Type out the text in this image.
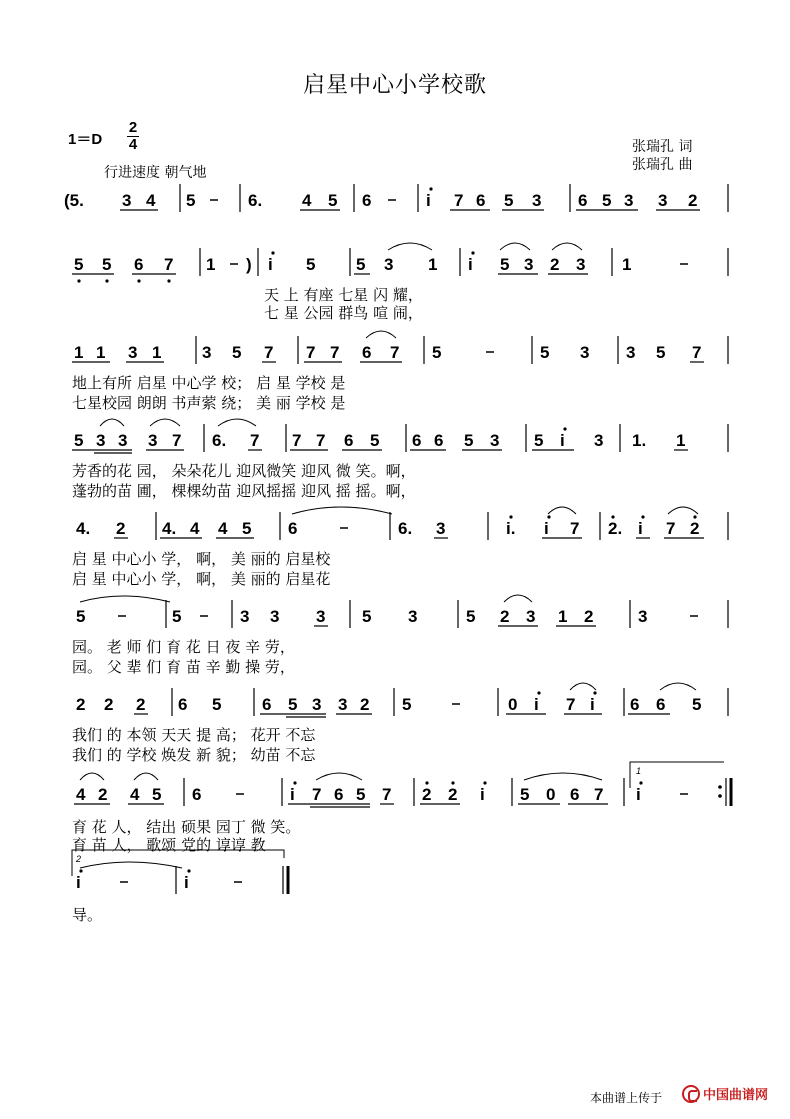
启星中心小学校歌
1＝D
2
4
行进速度 朝气地
张瑞孔 词
张瑞孔 曲
(5. 3 4 5	6. 4 5 6	i 7 6 5 3 6 5 3 3 2
5 5 6 7 1 ) i 5 5 3 1 i 5 3 2 3 1
1 1 3 1 3 5 7 7 7 6 7 5	5 3 3 5 7
5 3 3 3 7 6. 7 7 7 6 5 6 6 5 3 5 i 3 1. 1
4. 2 4. 4 4 5 6	6. 3	i. i 7 2. i 7 2
5	5	3 3 3 5 3	5 2 3 1 2	3
2 2 2 6 5 6 5 3 3 2 5	0 i 7 i 6 6 5
4 2 4 5 6	i 7 6 5 7 2 2 i 5 0 6 7 i
1
i	i
2
天 上 有座 七星 闪 耀，
七 星 公园 群鸟 喧 闹，
地上有所 启星 中心学 校； 启 星 学校 是
七星校园 朗朗 书声萦 绕； 美 丽 学校 是
芳香的花 园， 朵朵花儿 迎风微笑 迎风 微 笑。啊，
蓬勃的苗 圃， 棵棵幼苗 迎风摇摇 迎风 摇 摇。啊，
启 星 中心小 学， 啊， 美 丽的 启星校
启 星 中心小 学， 啊， 美 丽的 启星花
园。 老 师 们 育 花 日 夜 辛 劳，
园。 父 辈 们 育 苗 辛 勤 操 劳，
我们 的 本领 天天 提 高； 花开 不忘
我们 的 学校 焕发 新 貌； 幼苗 不忘
育 花 人， 结出 硕果 园丁 微 笑。
育 苗 人， 歌颂 党的 谆谆 教
导。
本曲谱上传于	中国曲谱网
